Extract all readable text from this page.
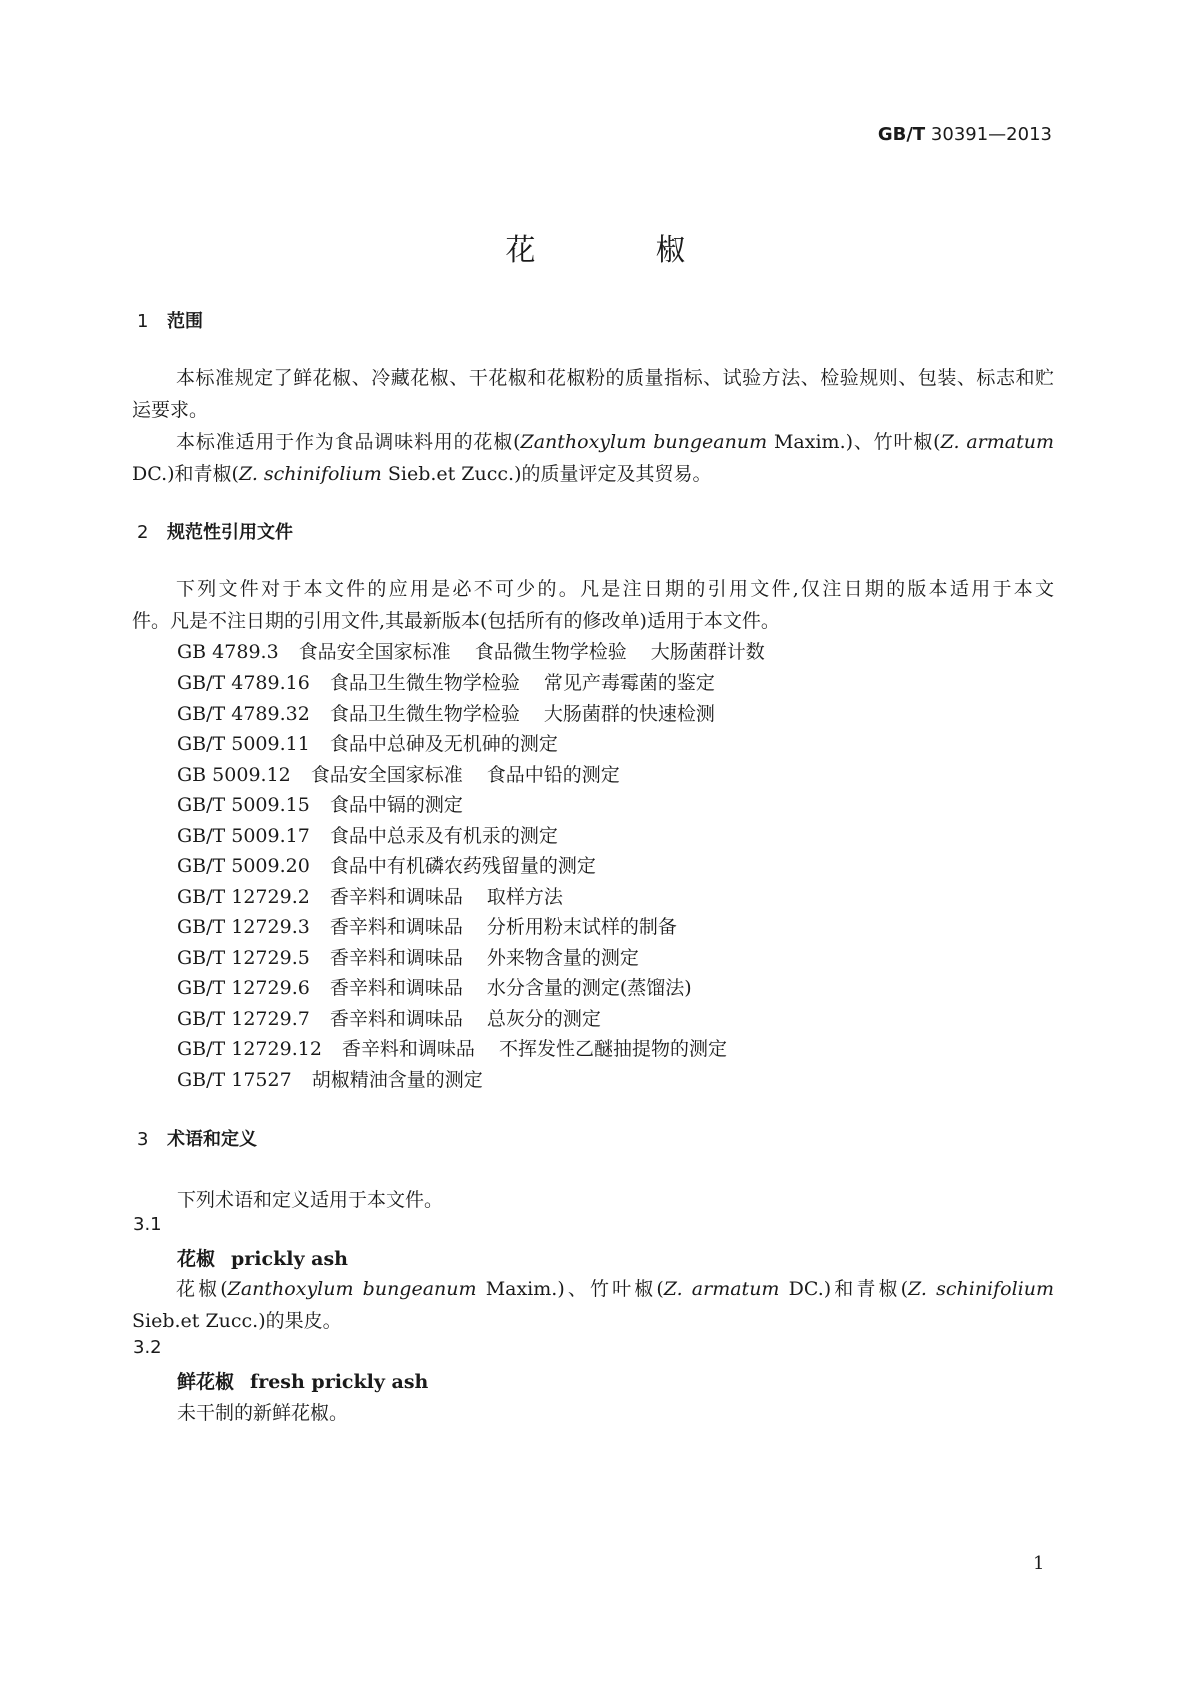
GB/T 30391—2013
花椒
1 范围
本标准规定了鲜花椒、冷藏花椒、干花椒和花椒粉的质量指标、试验方法、检验规则、包装、标志和贮
运要求。
本标准适用于作为食品调味料用的花椒(Zanthoxylum bungeanum Maxim.)、竹叶椒(Z. armatum
DC.)和青椒(Z. schinifolium Sieb.et Zucc.)的质量评定及其贸易。
2 规范性引用文件
下列文件对于本文件的应用是必不可少的。凡是注日期的引用文件,仅注日期的版本适用于本文
件。凡是不注日期的引用文件,其最新版本(包括所有的修改单)适用于本文件。
GB 4789.3 食品安全国家标准 食品微生物学检验 大肠菌群计数
GB/T 4789.16 食品卫生微生物学检验 常见产毒霉菌的鉴定
GB/T 4789.32 食品卫生微生物学检验 大肠菌群的快速检测
GB/T 5009.11 食品中总砷及无机砷的测定
GB 5009.12 食品安全国家标准 食品中铅的测定
GB/T 5009.15 食品中镉的测定
GB/T 5009.17 食品中总汞及有机汞的测定
GB/T 5009.20 食品中有机磷农药残留量的测定
GB/T 12729.2 香辛料和调味品 取样方法
GB/T 12729.3 香辛料和调味品 分析用粉末试样的制备
GB/T 12729.5 香辛料和调味品 外来物含量的测定
GB/T 12729.6 香辛料和调味品 水分含量的测定(蒸馏法)
GB/T 12729.7 香辛料和调味品 总灰分的测定
GB/T 12729.12 香辛料和调味品 不挥发性乙醚抽提物的测定
GB/T 17527 胡椒精油含量的测定
3 术语和定义
下列术语和定义适用于本文件。
3.1
花椒 prickly ash
花椒(Zanthoxylum bungeanum Maxim.)、竹叶椒(Z. armatum DC.)和青椒(Z. schinifolium
Sieb.et Zucc.)的果皮。
3.2
鲜花椒 fresh prickly ash
未干制的新鲜花椒。
1
